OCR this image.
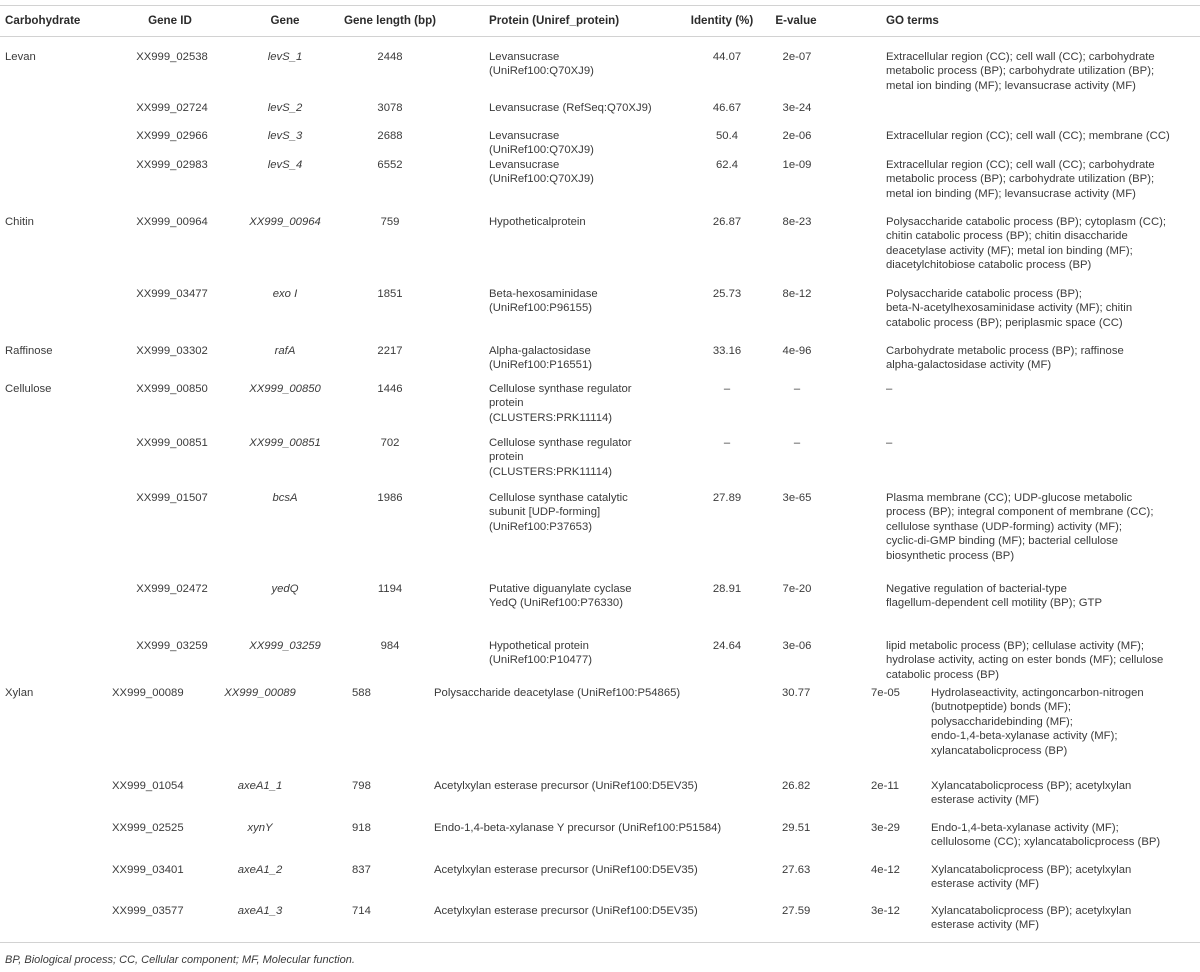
Carbohydrate	Gene ID	Gene	Gene length (bp)	Protein (Uniref_protein)	Identity (%)	E-value	GO terms
Levan	XX999_02538	levS_1	2448	Levansucrase
(UniRef100:Q70XJ9)
44.07	2e-07	Extracellular region (CC); cell wall (CC); carbohydrate
metabolic process (BP); carbohydrate utilization (BP);
metal ion binding (MF); levansucrase activity (MF)
XX999_02724	levS_2	3078	Levansucrase (RefSeq:Q70XJ9)	46.67	3e-24
XX999_02966	levS_3	2688	Levansucrase
(UniRef100:Q70XJ9)
50.4	2e-06	Extracellular region (CC); cell wall (CC); membrane (CC)
XX999_02983	levS_4	6552	Levansucrase
(UniRef100:Q70XJ9)
62.4	1e-09	Extracellular region (CC); cell wall (CC); carbohydrate
metabolic process (BP); carbohydrate utilization (BP);
metal ion binding (MF); levansucrase activity (MF)
Chitin	XX999_00964	XX999_00964	759	Hypotheticalprotein	26.87	8e-23	Polysaccharide catabolic process (BP); cytoplasm (CC);
chitin catabolic process (BP); chitin disaccharide
deacetylase activity (MF); metal ion binding (MF);
diacetylchitobiose catabolic process (BP)
XX999_03477	exo I	1851	Beta-hexosaminidase
(UniRef100:P96155)
25.73	8e-12	Polysaccharide catabolic process (BP);
beta-N-acetylhexosaminidase activity (MF); chitin
catabolic process (BP); periplasmic space (CC)
Raffinose	XX999_03302	rafA	2217	Alpha-galactosidase
(UniRef100:P16551)
33.16	4e-96	Carbohydrate metabolic process (BP); raffinose
alpha-galactosidase activity (MF)
Cellulose	XX999_00850	XX999_00850	1446	Cellulose synthase regulator
protein
(CLUSTERS:PRK11114)
–	–	–
XX999_00851	XX999_00851	702	Cellulose synthase regulator
protein
(CLUSTERS:PRK11114)
–	–	–
XX999_01507	bcsA	1986	Cellulose synthase catalytic
subunit [UDP-forming]
(UniRef100:P37653)
27.89	3e-65	Plasma membrane (CC); UDP-glucose metabolic
process (BP); integral component of membrane (CC);
cellulose synthase (UDP-forming) activity (MF);
cyclic-di-GMP binding (MF); bacterial cellulose
biosynthetic process (BP)
XX999_02472	yedQ	1194	Putative diguanylate cyclase
YedQ (UniRef100:P76330)
28.91	7e-20	Negative regulation of bacterial-type
flagellum-dependent cell motility (BP); GTP
XX999_03259	XX999_03259	984	Hypothetical protein
(UniRef100:P10477)
24.64	3e-06	lipid metabolic process (BP); cellulase activity (MF);
hydrolase activity, acting on ester bonds (MF); cellulose
catabolic process (BP)
Xylan	XX999_00089	XX999_00089	588	Polysaccharide deacetylase (UniRef100:P54865)	30.77	7e-05	Hydrolaseactivity, actingoncarbon-nitrogen
(butnotpeptide) bonds (MF);
polysaccharidebinding (MF);
endo-1,4-beta-xylanase activity (MF);
xylancatabolicprocess (BP)
XX999_01054	axeA1_1	798	Acetylxylan esterase precursor (UniRef100:D5EV35)	26.82	2e-11	Xylancatabolicprocess (BP); acetylxylan
esterase activity (MF)
XX999_02525	xynY	918	Endo-1,4-beta-xylanase Y precursor (UniRef100:P51584)	29.51	3e-29	Endo-1,4-beta-xylanase activity (MF);
cellulosome (CC); xylancatabolicprocess (BP)
XX999_03401	axeA1_2	837	Acetylxylan esterase precursor (UniRef100:D5EV35)	27.63	4e-12	Xylancatabolicprocess (BP); acetylxylan
esterase activity (MF)
XX999_03577	axeA1_3	714	Acetylxylan esterase precursor (UniRef100:D5EV35)	27.59	3e-12	Xylancatabolicprocess (BP); acetylxylan
esterase activity (MF)
BP, Biological process; CC, Cellular component; MF, Molecular function.
